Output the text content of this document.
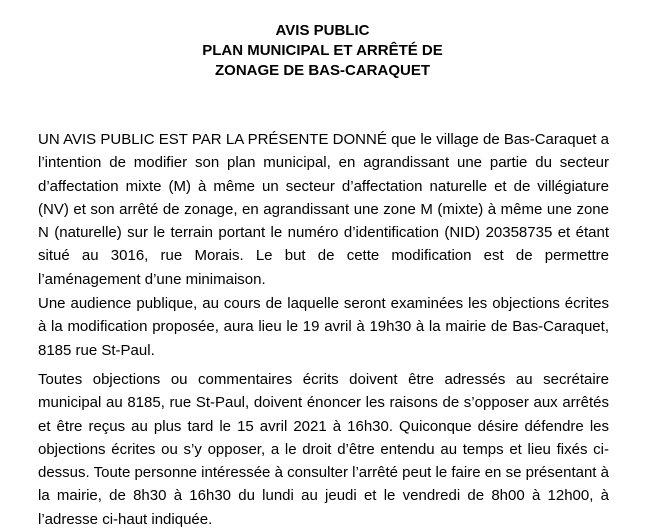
AVIS PUBLIC
PLAN MUNICIPAL ET ARRÊTÉ DE
ZONAGE DE BAS-CARAQUET

UN AVIS PUBLIC EST PAR LA PRÉSENTE DONNÉ que le village de Bas-Caraquet a l’intention de modifier son plan municipal, en agrandissant une partie du secteur d’affectation mixte (M) à même un secteur d’affectation naturelle et de villégiature (NV) et son arrêté de zonage, en agrandissant une zone M (mixte) à même une zone N (naturelle) sur le terrain portant le numéro d’identification (NID) 20358735 et étant situé au 3016, rue Morais. Le but de cette modification est de permettre l’aménagement d’une minimaison.

Une audience publique, au cours de laquelle seront examinées les objections écrites à la modification proposée, aura lieu le 19 avril à 19h30 à la mairie de Bas-Caraquet, 8185 rue St-Paul.

Toutes objections ou commentaires écrits doivent être adressés au secrétaire municipal au 8185, rue St-Paul, doivent énoncer les raisons de s’opposer aux arrêtés et être reçus au plus tard le 15 avril 2021 à 16h30. Quiconque désire défendre les objections écrites ou s’y opposer, a le droit d’être entendu au temps et lieu fixés ci-dessus. Toute personne intéressée à consulter l’arrêté peut le faire en se présentant à la mairie, de 8h30 à 16h30 du lundi au jeudi et le vendredi de 8h00 à 12h00, à l’adresse ci-haut indiquée.
